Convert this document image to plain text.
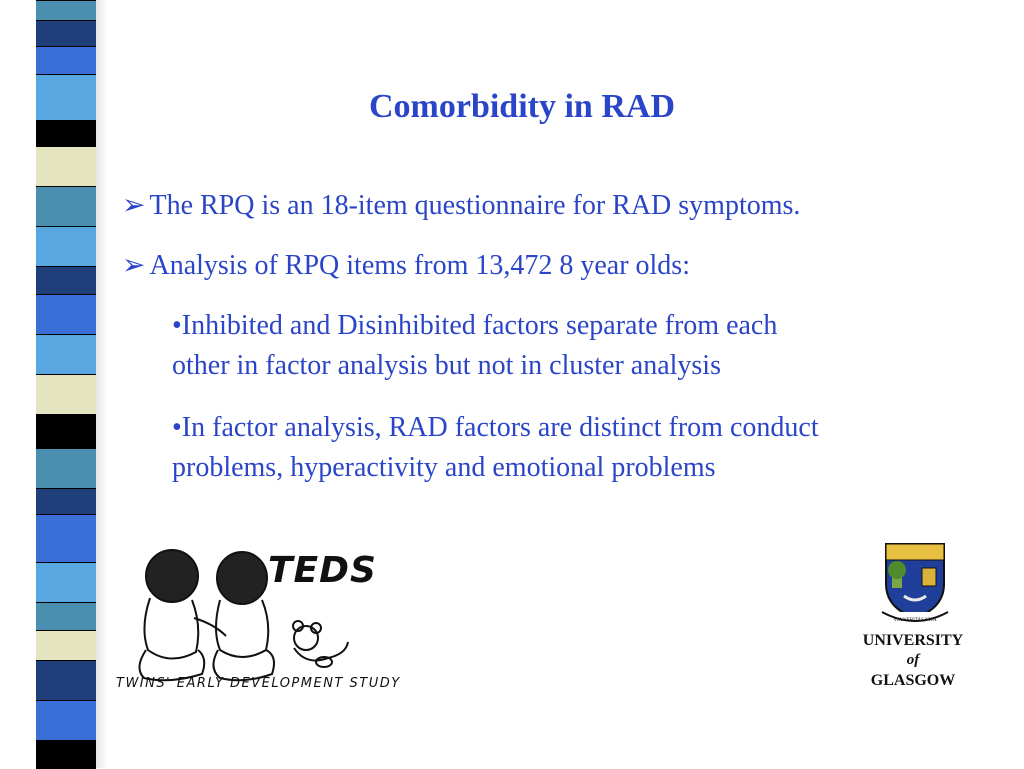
Comorbidity in RAD

➢ The RPQ is an 18-item questionnaire for RAD symptoms.

➢ Analysis of RPQ items from 13,472 8 year olds:

•Inhibited and Disinhibited factors separate from each

other in factor analysis but not in cluster analysis

•In factor analysis, RAD factors are distinct from conduct

problems, hyperactivity and emotional problems

TEDS

TWINS' EARLY DEVELOPMENT STUDY

VIA VERITAS VITA

UNIVERSITY

of

GLASGOW
